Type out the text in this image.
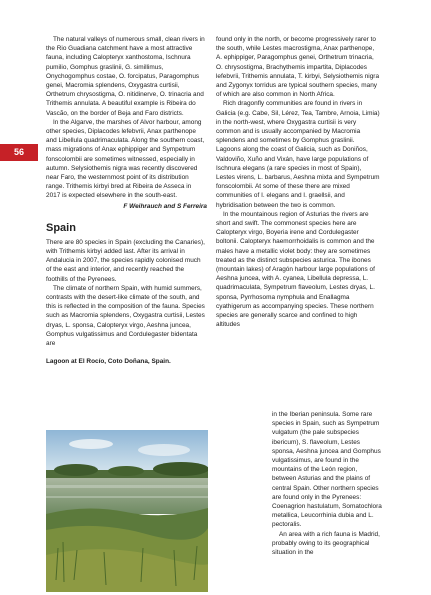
56

The natural valleys of numerous small, clean rivers in the Rio Guadiana catchment have a most attractive fauna, including Calopteryx xanthostoma, Ischnura pumilio, Gomphus graslinii, G. simillimus, Onychogomphus costae, O. forcipatus, Paragomphus genei, Macromia splendens, Oxygastra curtisii, Orthetrum chrysostigma, O. nitidinerve, O. trinacria and Trithemis annulata. A beautiful example is Ribeira do Vascão, on the border of Beja and Faro districts.

In the Algarve, the marshes of Alvor harbour, among other species, Diplacodes lefebvrii, Anax parthenope and Libellula quadrimaculata. Along the southern coast, mass migrations of Anax ephippiger and Sympetrum fonscolombii are sometimes witnessed, especially in autumn. Selysiothemis nigra was recently discovered near Faro, the westernmost point of its distribution range. Trithemis kirbyi bred at Ribeira de Asseca in 2017 is expected elsewhere in the south-east.

F Weihrauch and S Ferreira

Spain

There are 80 species in Spain (excluding the Canaries), with Trithemis kirbyi added last. After its arrival in Andalucia in 2007, the species rapidly colonised much of the east and interior, and recently reached the foothills of the Pyrenees.

The climate of northern Spain, with humid summers, contrasts with the desert-like climate of the south, and this is reflected in the composition of the fauna. Species such as Macromia splendens, Oxygastra curtisii, Lestes dryas, L. sponsa, Calopteryx virgo, Aeshna juncea, Gomphus vulgatissimus and Cordulegaster bidentata are

Lagoon at El Rocío, Coto Doñana, Spain.

found only in the north, or become progressively rarer to the south, while Lestes macrostigma, Anax parthenope, A. ephippiger, Paragomphus genei, Orthetrum trinacria, O. chrysostigma, Brachythemis impartita, Diplacodes lefebvrii, Trithemis annulata, T. kirbyi, Selysiothemis nigra and Zygonyx torridus are typical southern species, many of which are also common in North Africa.

Rich dragonfly communities are found in rivers in Galicia (e.g. Cabe, Sil, Lérez, Tea, Tambre, Arnoia, Limia) in the north-west, where Oxygastra curtisii is very common and is usually accompanied by Macromia splendens and sometimes by Gomphus graslinii. Lagoons along the coast of Galicia, such as Doniños, Valdoviño, Xuño and Vixán, have large populations of Ischnura elegans (a rare species in most of Spain), Lestes virens, L. barbarus, Aeshna mixta and Sympetrum fonscolombii. At some of these there are mixed communities of I. elegans and I. graellsii, and hybridisation between the two is common.

In the mountainous region of Asturias the rivers are short and swift. The commonest species here are Calopteryx virgo, Boyeria irene and Cordulegaster boltonii. Calopteryx haemorrhoidalis is common and the males have a metallic violet body: they are sometimes treated as the distinct subspecies asturica. The ibones (mountain lakes) of Aragón harbour large populations of Aeshna juncea, with A. cyanea, Libellula depressa, L. quadrimaculata, Sympetrum flaveolum, Lestes dryas, L. sponsa, Pyrrhosoma nymphula and Enallagma cyathigerum as accompanying species. These northern species are generally scarce and confined to high altitudes

in the Iberian peninsula. Some rare species in Spain, such as Sympetrum vulgatum (the pale subspecies ibericum), S. flaveolum, Lestes sponsa, Aeshna juncea and Gomphus vulgatissimus, are found in the mountains of the León region, between Asturias and the plains of central Spain. Other northern species are found only in the Pyrenees: Coenagrion hastulatum, Somatochlora metallica, Leucorrhinia dubia and L. pectoralis.

An area with a rich fauna is Madrid, probably owing to its geographical situation in the
